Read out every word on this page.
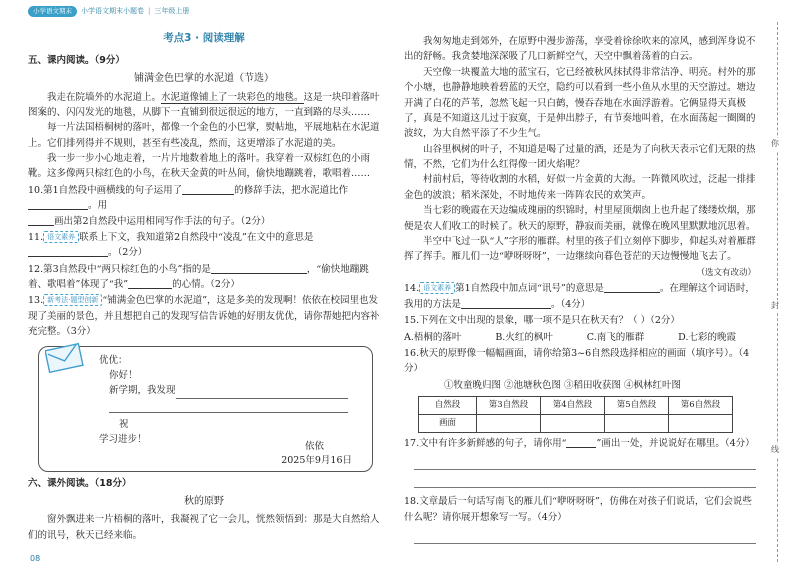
小学语文期末	小学语文期末小题卷 | 三年级上册
考点3 · 阅读理解
五、课内阅读。（9分）
铺满金色巴掌的水泥道（节选）

我走在院墙外的水泥道上。水泥道像铺上了一块彩色的地毯。这是一块印着落叶图案的、闪闪发光的地毯，从脚下一直铺到很远很远的地方，一直到路的尽头……

每一片法国梧桐树的落叶，都像一个金色的小巴掌，熨帖地，平展地粘在水泥道上。它们排列得并不规则，甚至有些凌乱，然而，这更增添了水泥道的美。

我一步一步小心地走着，一片片地数着地上的落叶。我穿着一双棕红色的小雨靴。这多像两只棕红色的小鸟，在秋天金黄的叶丛间，偷快地蹦跳着，歌唱着……

10.第1自然段中画横线的句子运用了	的修辞手法，把水泥道比作。用
画出第2自然段中运用相同写作手法的句子。（2分）
11. 语文素养 联系上下文，我知道第2自然段中“凌乱”在文中的意思是。（2分）
12.第3自然段中“两只棕红色的小鸟”指的是	，“偷快地蹦跳着、歌唱着”体现了“我”	的心情。（2分）
13. 新考法·题型创新 “铺满金色巴掌的水泥道”，这是多美的发现啊！依依在校园里也发现了美丽的景色，并且想把自己的发现写信告诉她的好朋友优优，请你帮她把内容补充完整。（3分）
优优：
你好！
新学期，我发现
祝
学习进步！
依依
2025年9月16日
六、课外阅读。（18分）
秋的原野

窗外飘进来一片梧桐的落叶，我凝视了它一会儿，恍然领悟到：那是大自然给人们的讯号，秋天已经来临。

我匆匆地走到郊外，在原野中漫步游荡，享受着徐徐吹来的凉风，感到浑身说不出的舒畅。我贪婪地深深吸了几口新鲜空气，天空中飘着荡着的白云。

天空像一块覆盖大地的蓝宝石，它已经被秋风抹拭得非常洁净、明亮。村外的那个小塘，也静静地映着碧蓝的天空，隐约可以看到一些小鱼从水里的天空游过。塘边开满了白花的芦苇，忽然飞起一只白鹤，慢吞吞地在水面浮游着。它俩显得天真极了，真是不知道这儿过于寂寞，于是伸出脖子，有节奏地叫着，在水面荡起一圈圈的波纹，为大自然平添了不少生气。

山谷里枫树的叶子，不知道是喝了过量的酒，还是为了向秋天表示它们无限的热情，不然，它们为什么红得像一团火焰呢？

村前村后，等待收割的水稻，好似一片金黄的大海。一阵微风吹过，泛起一排排金色的波浪；稻米深处，不时地传来一阵阵农民的欢笑声。

当七彩的晚霞在天边编成瑰丽的织锦时，村里屋顶烟囱上也升起了缕缕炊烟，那便是农人们收工的时候了。秋天的原野，静寂而美丽，就像在晚风里默默地沉思着。

半空中飞过一队“人”字形的雁群。村里的孩子们立刻停下脚步，仰起头对着雁群挥了挥手。雁儿们一边“咿呀呀呀”，一边继续向暮色苍茫的天边慢慢地飞去了。

（选文有改动）
14. 语文素养 第1自然段中加点词“讯号”的意思是	。在理解这个词语时，我用的方法是	。（4分）
15.下列在文中出现的景象，哪一项不是只在秋天有？（ ）（2分）
A.梧桐的落叶	B.火红的枫叶	C.南飞的雁群	D.七彩的晚霞
16.秋天的原野像一幅幅画面，请你给第3~6自然段选择相应的画面（填序号）。（4分）
①牧童晚归图 ②池塘秋色图 ③稻田收获图 ④枫林红叶图
自然段	第3自然段	第4自然段	第5自然段	第6自然段
画面				
17.文中有许多新鲜感的句子，请你用“	”画出一处，并说说好在哪里。（4分）
18.文章最后一句话写南飞的雁儿们“咿呀呀呀”，仿佛在对孩子们说话，它们会说些什么呢？请你展开想象写一写。（4分）
你
封
线
08
